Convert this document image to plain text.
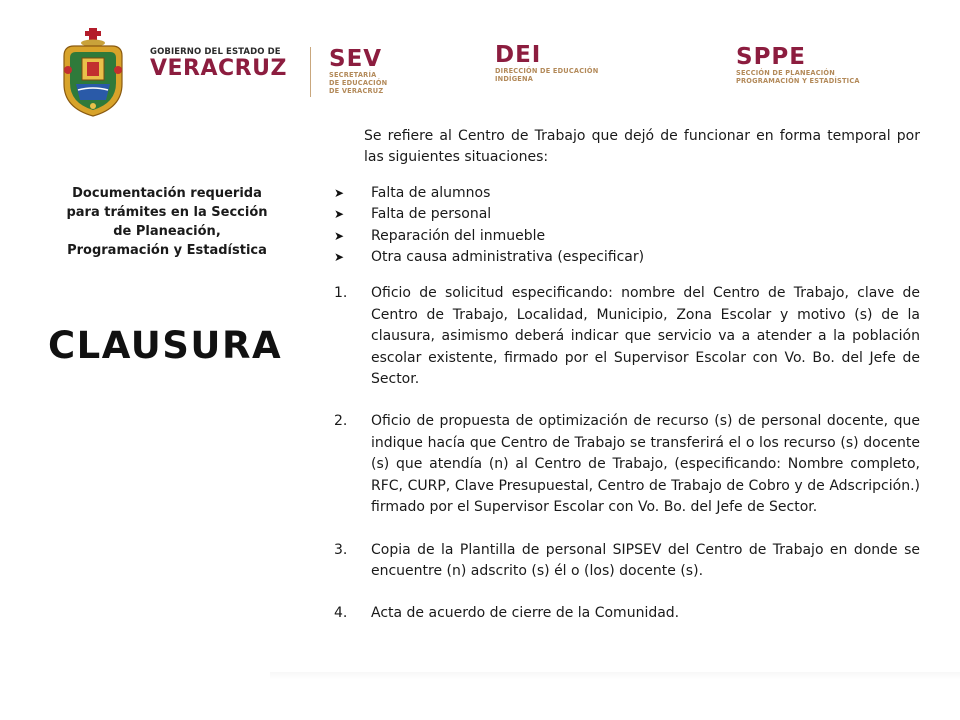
GOBIERNO DEL ESTADO DE
VERACRUZ SEV
SECRETARÍA
DE EDUCACIÓN
DE VERACRUZ
DEI
DIRECCIÓN DE EDUCACIÓN
INDÍGENA
SPPE
SECCIÓN DE PLANEACIÓN
PROGRAMACIÓN Y ESTADÍSTICA
Documentación requerida
para trámites en la Sección
de Planeación,
Programación y Estadística
CLAUSURA
Se refiere al Centro de Trabajo que dejó de funcionar en forma temporal por las siguientes situaciones:
➤ Falta de alumnos
➤ Falta de personal
➤ Reparación del inmueble
➤ Otra causa administrativa (especificar)
1. Oficio de solicitud especificando: nombre del Centro de Trabajo, clave de Centro de Trabajo, Localidad, Municipio, Zona Escolar y motivo (s) de la clausura, asimismo deberá indicar que servicio va a atender a la población escolar existente, firmado por el Supervisor Escolar con Vo. Bo. del Jefe de Sector.
2. Oficio de propuesta de optimización de recurso (s) de personal docente, que indique hacía que Centro de Trabajo se transferirá el o los recurso (s) docente (s) que atendía (n) al Centro de Trabajo, (especificando: Nombre completo, RFC, CURP, Clave Presupuestal, Centro de Trabajo de Cobro y de Adscripción.) firmado por el Supervisor Escolar con Vo. Bo. del Jefe de Sector.
3. Copia de la Plantilla de personal SIPSEV del Centro de Trabajo en donde se encuentre (n) adscrito (s) él o (los) docente (s).
4. Acta de acuerdo de cierre de la Comunidad.
